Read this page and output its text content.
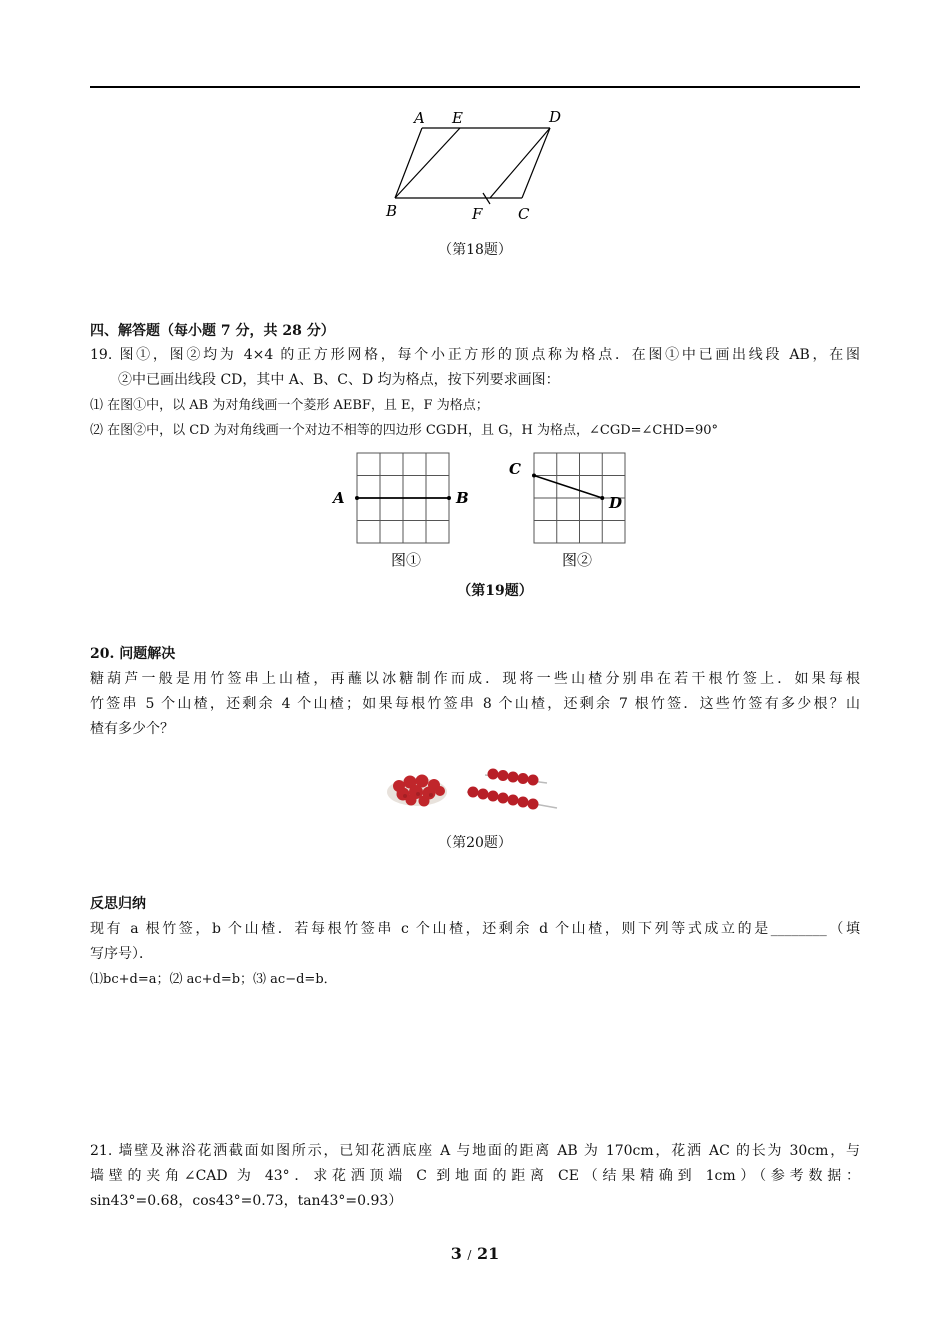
A E	D
B	F C
（第18题）
四、解答题（每小题 7 分，共 28 分）
19. 图①，图②均为 4×4 的正方形网格，每个小正方形的顶点称为格点．在图①中已画出线段 AB，在图
②中已画出线段 CD，其中 A、B、C、D 均为格点，按下列要求画图：
⑴ 在图①中，以 AB 为对角线画一个菱形 AEBF，且 E，F 为格点；
⑵ 在图②中，以 CD 为对角线画一个对边不相等的四边形 CGDH，且 G，H 为格点，∠CGD=∠CHD=90°
A	B
图①
C
D
图②
（第19题）
20. 问题解决
糖葫芦一般是用竹签串上山楂，再蘸以冰糖制作而成．现将一些山楂分别串在若干根竹签上．如果每根
竹签串 5 个山楂，还剩余 4 个山楂；如果每根竹签串 8 个山楂，还剩余 7 根竹签．这些竹签有多少根？山
楂有多少个？
（第20题）
反思归纳
现有 a 根竹签，b 个山楂．若每根竹签串 c 个山楂，还剩余 d 个山楂，则下列等式成立的是________（填
写序号）．
⑴bc+d=a；⑵ ac+d=b；⑶ ac−d=b．
21. 墙壁及淋浴花洒截面如图所示，已知花洒底座 A 与地面的距离 AB 为 170cm，花洒 AC 的长为 30cm，与
墙壁的夹角∠CAD 为 43°．求花洒顶端 C 到地面的距离 CE（结果精确到 1cm）（参考数据：
sin43°=0.68，cos43°=0.73，tan43°=0.93）
3 / 21
